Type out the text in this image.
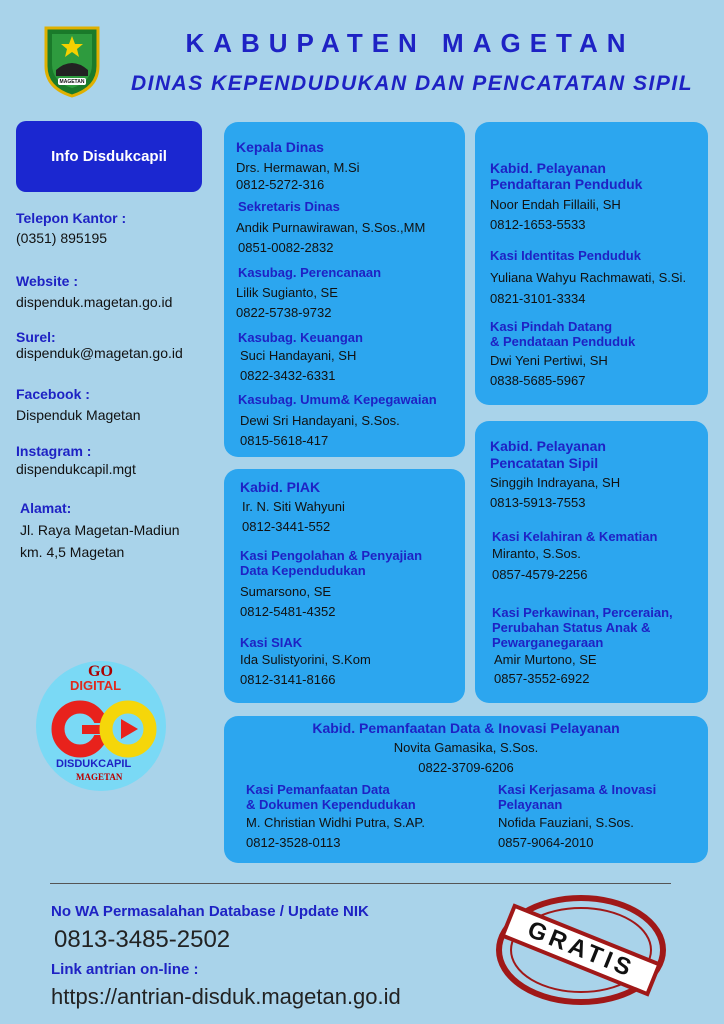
MAGETAN
KABUPATEN MAGETAN
DINAS KEPENDUDUKAN DAN PENCATATAN SIPIL
Info Disdukcapil
Telepon Kantor :
(0351) 895195
Website :
dispenduk.magetan.go.id
Surel:
dispenduk@magetan.go.id
Facebook :
Dispenduk Magetan
Instagram :
dispendukcapil.mgt
Alamat:
Jl. Raya Magetan-Madiun
km. 4,5 Magetan
GO
DIGITAL
DISDUKCAPIL
MAGETAN
Kepala Dinas
Drs. Hermawan, M.Si
0812-5272-316
Sekretaris Dinas
Andik Purnawirawan, S.Sos.,MM
0851-0082-2832
Kasubag. Perencanaan
Lilik Sugianto, SE
0822-5738-9732
Kasubag. Keuangan
Suci Handayani, SH
0822-3432-6331
Kasubag. Umum& Kepegawaian
Dewi Sri Handayani, S.Sos.
0815-5618-417
Kabid. Pelayanan
Pendaftaran Penduduk
Noor Endah Fillaili, SH
0812-1653-5533
Kasi Identitas Penduduk
Yuliana Wahyu Rachmawati, S.Si.
0821-3101-3334
Kasi Pindah Datang
& Pendataan Penduduk
Dwi Yeni Pertiwi, SH
0838-5685-5967
Kabid. PIAK
Ir. N. Siti Wahyuni
0812-3441-552
Kasi Pengolahan & Penyajian
Data Kependudukan
Sumarsono, SE
0812-5481-4352
Kasi SIAK
Ida Sulistyorini, S.Kom
0812-3141-8166
Kabid. Pelayanan
Pencatatan Sipil
Singgih Indrayana, SH
0813-5913-7553
Kasi Kelahiran & Kematian
Miranto, S.Sos.
0857-4579-2256
Kasi Perkawinan, Perceraian,
Perubahan Status Anak &
Pewarganegaraan
Amir Murtono, SE
0857-3552-6922
Kabid. Pemanfaatan Data & Inovasi Pelayanan
Novita Gamasika, S.Sos.
0822-3709-6206
Kasi Pemanfaatan Data
& Dokumen Kependudukan
M. Christian Widhi Putra, S.AP.
0812-3528-0113
Kasi Kerjasama & Inovasi
Pelayanan
Nofida Fauziani, S.Sos.
0857-9064-2010
No WA Permasalahan Database / Update NIK
0813-3485-2502
Link antrian on-line :
https://antrian-disduk.magetan.go.id
GRATIS
